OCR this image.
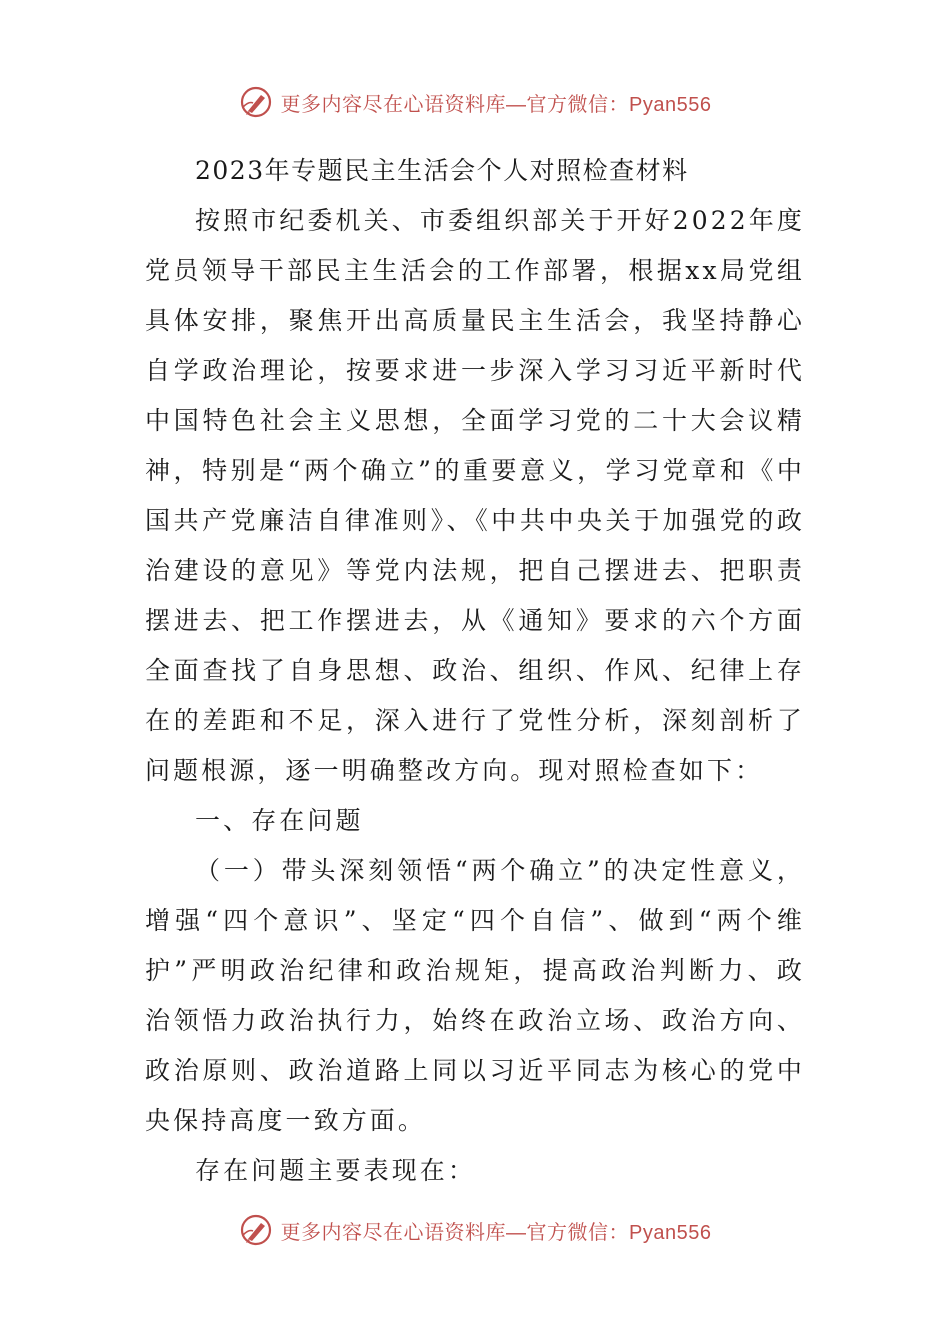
更多内容尽在心语资料库—官方微信：Pyan556

2023年专题民主生活会个人对照检查材料

按照市纪委机关、市委组织部关于开好2022年度党员领导干部民主生活会的工作部署，根据xx局党组具体安排，聚焦开出高质量民主生活会，我坚持静心自学政治理论，按要求进一步深入学习习近平新时代中国特色社会主义思想，全面学习党的二十大会议精神，特别是“两个确立”的重要意义，学习党章和《中国共产党廉洁自律准则》、《中共中央关于加强党的政治建设的意见》等党内法规，把自己摆进去、把职责摆进去、把工作摆进去，从《通知》要求的六个方面全面查找了自身思想、政治、组织、作风、纪律上存在的差距和不足，深入进行了党性分析，深刻剖析了问题根源，逐一明确整改方向。现对照检查如下：

一、存在问题

（一）带头深刻领悟“两个确立”的决定性意义，增强“四个意识”、坚定“四个自信”、做到“两个维护”严明政治纪律和政治规矩，提高政治判断力、政治领悟力政治执行力，始终在政治立场、政治方向、政治原则、政治道路上同以习近平同志为核心的党中央保持高度一致方面。

存在问题主要表现在：

更多内容尽在心语资料库—官方微信：Pyan556
